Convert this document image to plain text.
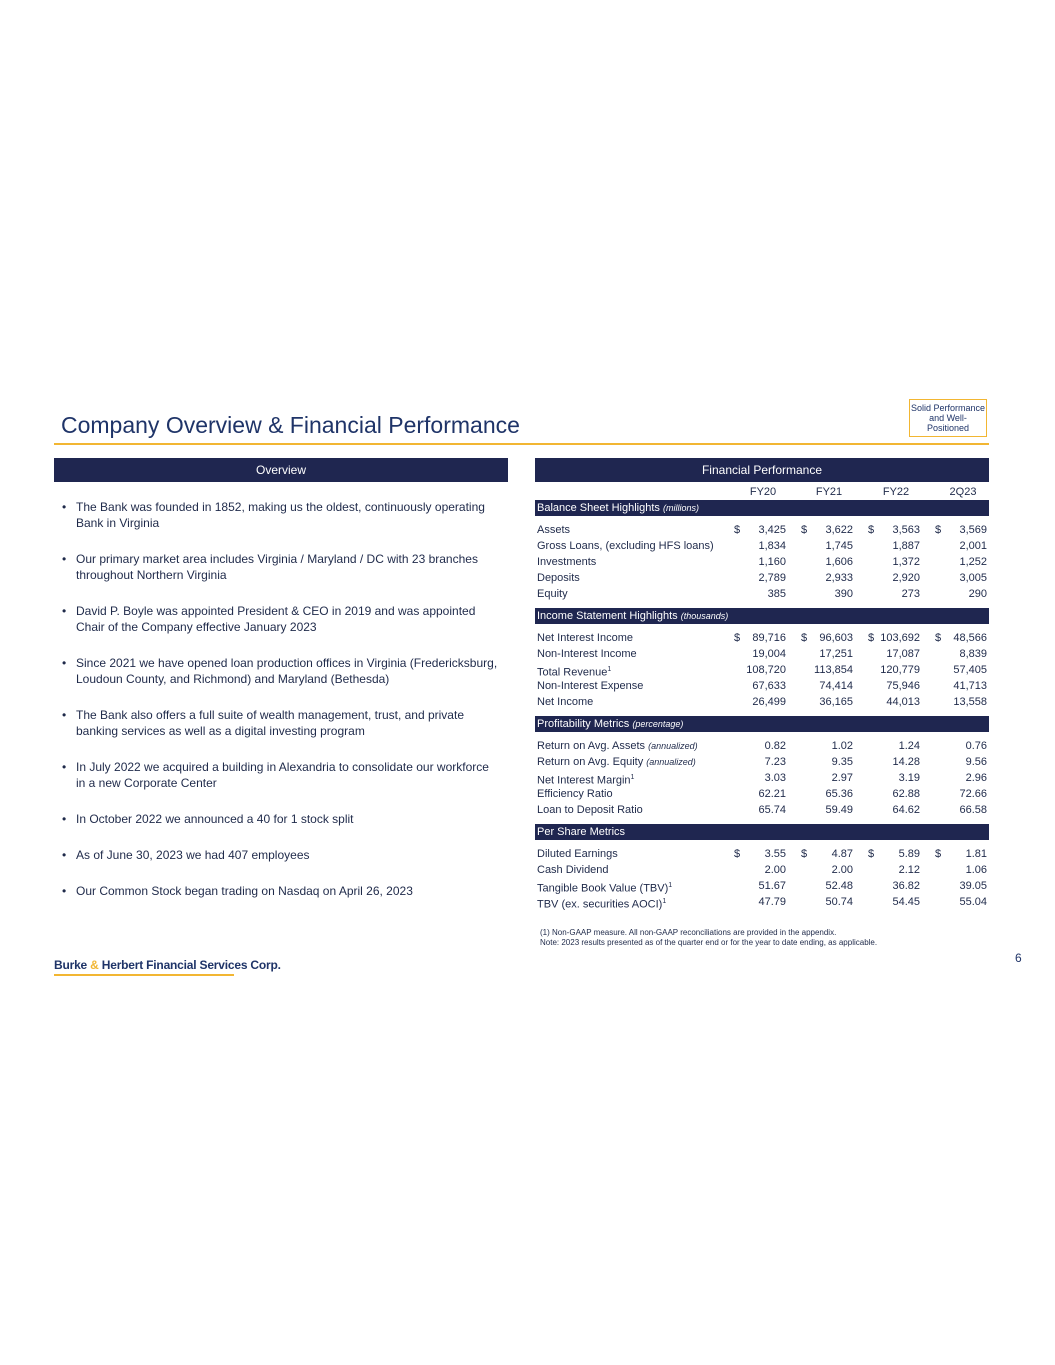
Company Overview & Financial Performance
Solid Performance and Well-Positioned
Overview	Financial Performance
• The Bank was founded in 1852, making us the oldest, continuously operating Bank in Virginia
• Our primary market area includes Virginia / Maryland / DC with 23 branches throughout Northern Virginia
• David P. Boyle was appointed President & CEO in 2019 and was appointed Chair of the Company effective January 2023
• Since 2021 we have opened loan production offices in Virginia (Fredericksburg, Loudoun County, and Richmond) and Maryland (Bethesda)
• The Bank also offers a full suite of wealth management, trust, and private banking services as well as a digital investing program
• In July 2022 we acquired a building in Alexandria to consolidate our workforce in a new Corporate Center
• In October 2022 we announced a 40 for 1 stock split
• As of June 30, 2023 we had 407 employees
• Our Common Stock began trading on Nasdaq on April 26, 2023
FY20	FY21	FY22	2Q23
Balance Sheet Highlights (millions)
Assets	$	3,425 $	3,622 $	3,563 $	3,569
Gross Loans, (excluding HFS loans)	1,834	1,745	1,887	2,001
Investments	1,160	1,606	1,372	1,252
Deposits	2,789	2,933	2,920	3,005
Equity	385	390	273	290
Income Statement Highlights (thousands)
Net Interest Income	$	89,716 $	96,603 $ 103,692 $	48,566
Non-Interest Income	19,004	17,251	17,087	8,839
Total Revenue$^1$	108,720	113,854	120,779	57,405
Non-Interest Expense	67,633	74,414	75,946	41,713
Net Income	26,499	36,165	44,013	13,558
Profitability Metrics (percentage)
Return on Avg. Assets (annualized)	0.82	1.02	1.24	0.76
Return on Avg. Equity (annualized)	7.23	9.35	14.28	9.56
Net Interest Margin$^1$	3.03	2.97	3.19	2.96
Efficiency Ratio	62.21	65.36	62.88	72.66
Loan to Deposit Ratio	65.74	59.49	64.62	66.58
Per Share Metrics
Diluted Earnings	$	3.55 $	4.87 $	5.89 $	1.81
Cash Dividend	2.00	2.00	2.12	1.06
Tangible Book Value (TBV)$^1$	51.67	52.48	36.82	39.05
TBV (ex. securities AOCI)$^1$	47.79	50.74	54.45	55.04
(1) Non-GAAP measure. All non-GAAP reconciliations are provided in the appendix.
Note: 2023 results presented as of the quarter end or for the year to date ending, as applicable.
Burke & Herbert Financial Services Corp.	6
